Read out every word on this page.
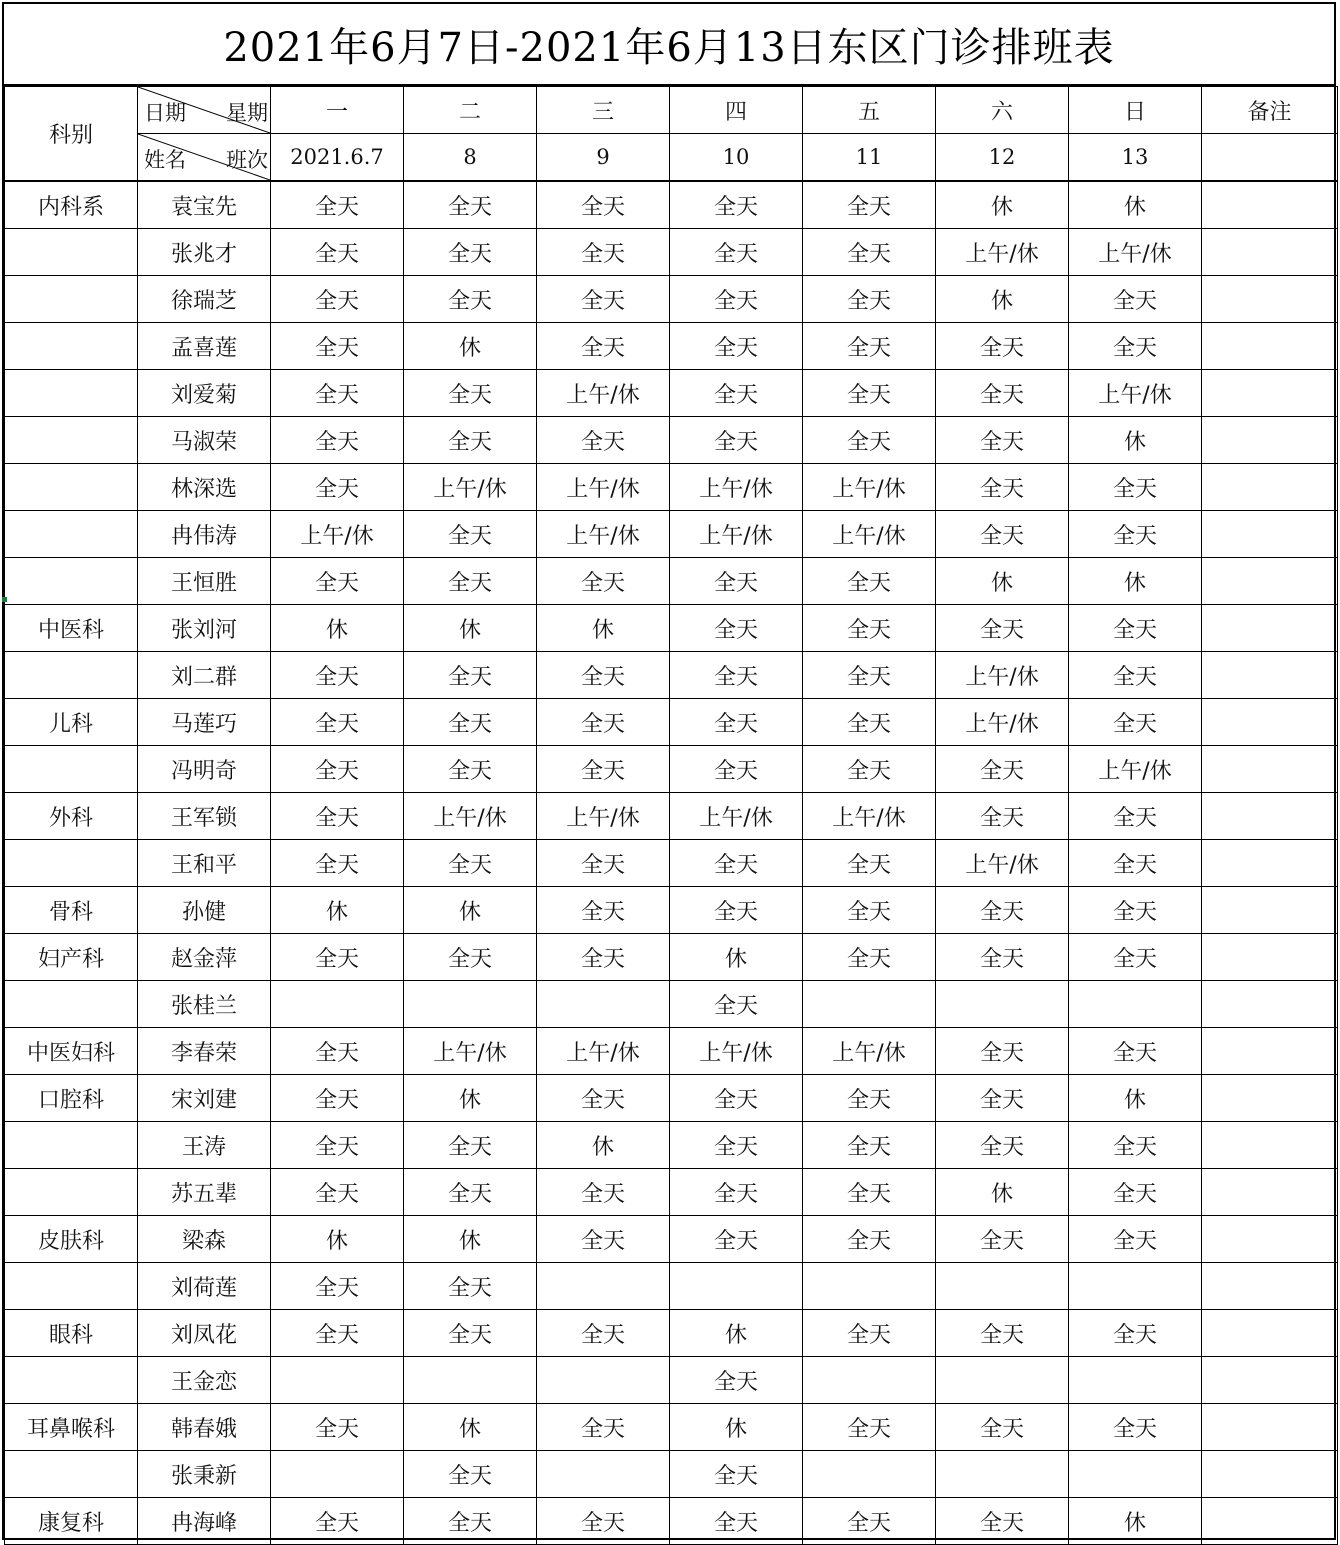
2021年6月7日-2021年6月13日东区门诊排班表
科别	日期 星期	一	二	三	四	五	六	日	备注

	姓名 班次	2021.6.7	8	9	10	11	12	13	
内科系	袁宝先	全天	全天	全天	全天	全天	休	休	
	张兆才	全天	全天	全天	全天	全天	上午/休	上午/休	
	徐瑞芝	全天	全天	全天	全天	全天	休	全天	
	孟喜莲	全天	休	全天	全天	全天	全天	全天	
	刘爱菊	全天	全天	上午/休	全天	全天	全天	上午/休	
	马淑荣	全天	全天	全天	全天	全天	全天	休	
	林深选	全天	上午/休	上午/休	上午/休	上午/休	全天	全天	
	冉伟涛	上午/休	全天	上午/休	上午/休	上午/休	全天	全天	
	王恒胜	全天	全天	全天	全天	全天	休	休	
中医科	张刘河	休	休	休	全天	全天	全天	全天	
	刘二群	全天	全天	全天	全天	全天	上午/休	全天	
儿科	马莲巧	全天	全天	全天	全天	全天	上午/休	全天	
	冯明奇	全天	全天	全天	全天	全天	全天	上午/休	
外科	王军锁	全天	上午/休	上午/休	上午/休	上午/休	全天	全天	
	王和平	全天	全天	全天	全天	全天	上午/休	全天	
骨科	孙健	休	休	全天	全天	全天	全天	全天	
妇产科	赵金萍	全天	全天	全天	休	全天	全天	全天	
	张桂兰				全天				
中医妇科	李春荣	全天	上午/休	上午/休	上午/休	上午/休	全天	全天	
口腔科	宋刘建	全天	休	全天	全天	全天	全天	休	
	王涛	全天	全天	休	全天	全天	全天	全天	
	苏五辈	全天	全天	全天	全天	全天	休	全天	
皮肤科	梁森	休	休	全天	全天	全天	全天	全天	
	刘荷莲	全天	全天						
眼科	刘凤花	全天	全天	全天	休	全天	全天	全天	
	王金恋				全天				
耳鼻喉科	韩春娥	全天	休	全天	休	全天	全天	全天	
	张秉新		全天		全天				
康复科	冉海峰	全天	全天	全天	全天	全天	全天	休	
